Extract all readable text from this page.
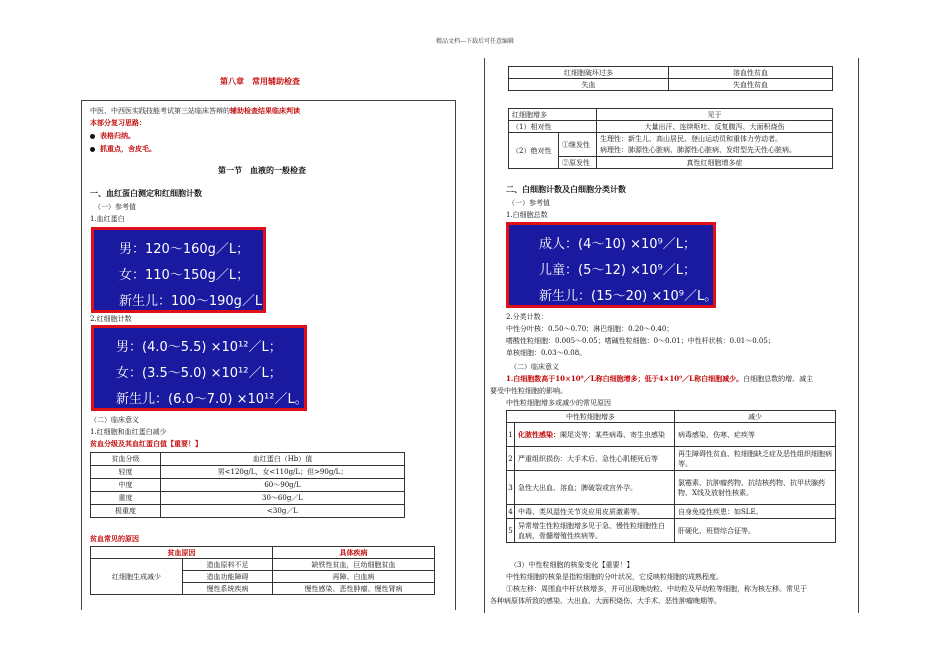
精品文档---下载后可任意编辑
第八章　常用辅助检查
中医、中西医实践技能考试第三站临床答辩的辅助检查结果临床判读
本部分复习思路：
表格归纳。
抓重点，舍皮毛。
第一节　血液的一般检查
一、血红蛋白测定和红细胞计数
（一）参考值
1.血红蛋白
男：120～160g／L；
女：110～150g／L；
新生儿：100～190g／L
2.红细胞计数
男：(4.0～5.5) ×10¹²／L；
女：(3.5～5.0) ×10¹²／L；
新生儿：(6.0～7.0) ×10¹²／L。
（二）临床意义
1.红细胞和血红蛋白减少
贫血分级及其血红蛋白值【重要！】
贫血分级	血红蛋白（Hb）值
轻度	男<120g/L，女<110g/L；但>90g/L；
中度	60～90g/L
重度	30～60g／L
极重度	<30g／L
贫血常见的原因
贫血原因		具体疾病
红细胞生成减少	造血原料不足	缺铁性贫血，巨幼细胞贫血
	造血功能障碍	再障、白血病
	慢性系统疾病	慢性感染、恶性肿瘤、慢性肾病
红细胞破坏过多	溶血性贫血
失血	失血性贫血
红细胞增多		见于
（1）相对性		大量出汗、连续呕吐、反复腹泻、大面积烧伤
（2）绝对性	①继发性	生理性：新生儿、高山居民、登山运动员和重体力劳动者。
病理性：肺源性心脏病、肺源性心脏病、发绀型先天性心脏病。

	②原发性	真性红细胞增多症
二、白细胞计数及白细胞分类计数
（一）参考值
1.白细胞总数
成人：(4～10) ×10⁹／L；
儿童：(5～12) ×10⁹／L；
新生儿：(15～20) ×10⁹／L。
2.分类计数：
中性分叶核：0.50～0.70；淋巴细胞：0.20～0.40；
嗜酸性粒细胞：0.005～0.05；嗜碱性粒细胞：0～0.01；中性杆状核：0.01～0.05；
单核细胞：0.03～0.08。
（二）临床意义
1.白细胞数高于10×10⁹／L称白细胞增多；低于4×10⁹／L称白细胞减少。白细胞总数的增、减主
要受中性粒细胞的影响。
中性粒细胞增多或减少的常见原因
中性粒细胞增多		减少
1	化脓性感染：阑尾炎等；某些病毒、寄生虫感染	病毒感染、伤寒、疟疾等
2	严重组织损伤：大手术后、急性心肌梗死后等	再生障碍性贫血、粒细胞缺乏症及恶性组织细胞病等。
3	急性大出血、溶血；脾破裂或宫外孕。	氯霉素、抗肿瘤药物、抗结核药物、抗甲状腺药物、X线及放射性核素。
4	中毒、类风湿性关节炎应用皮质激素等。	自身免疫性疾患：如SLE。
5	异常增生性粒细胞增多见于急、慢性粒细胞性白血病，骨髓增殖性疾病等。	肝硬化、班替综合征等。
（3）中性粒细胞的核象变化【重要！】
中性粒细胞的核象是指粒细胞的分叶状况，它反映粒细胞的成熟程度。
①核左移：周围血中杆状核增多，并可出现晚幼粒、中幼粒及早幼粒等细胞，称为核左移。常见于
各种病原体所致的感染、大出血、大面积烧伤、大手术、恶性肿瘤晚期等。
